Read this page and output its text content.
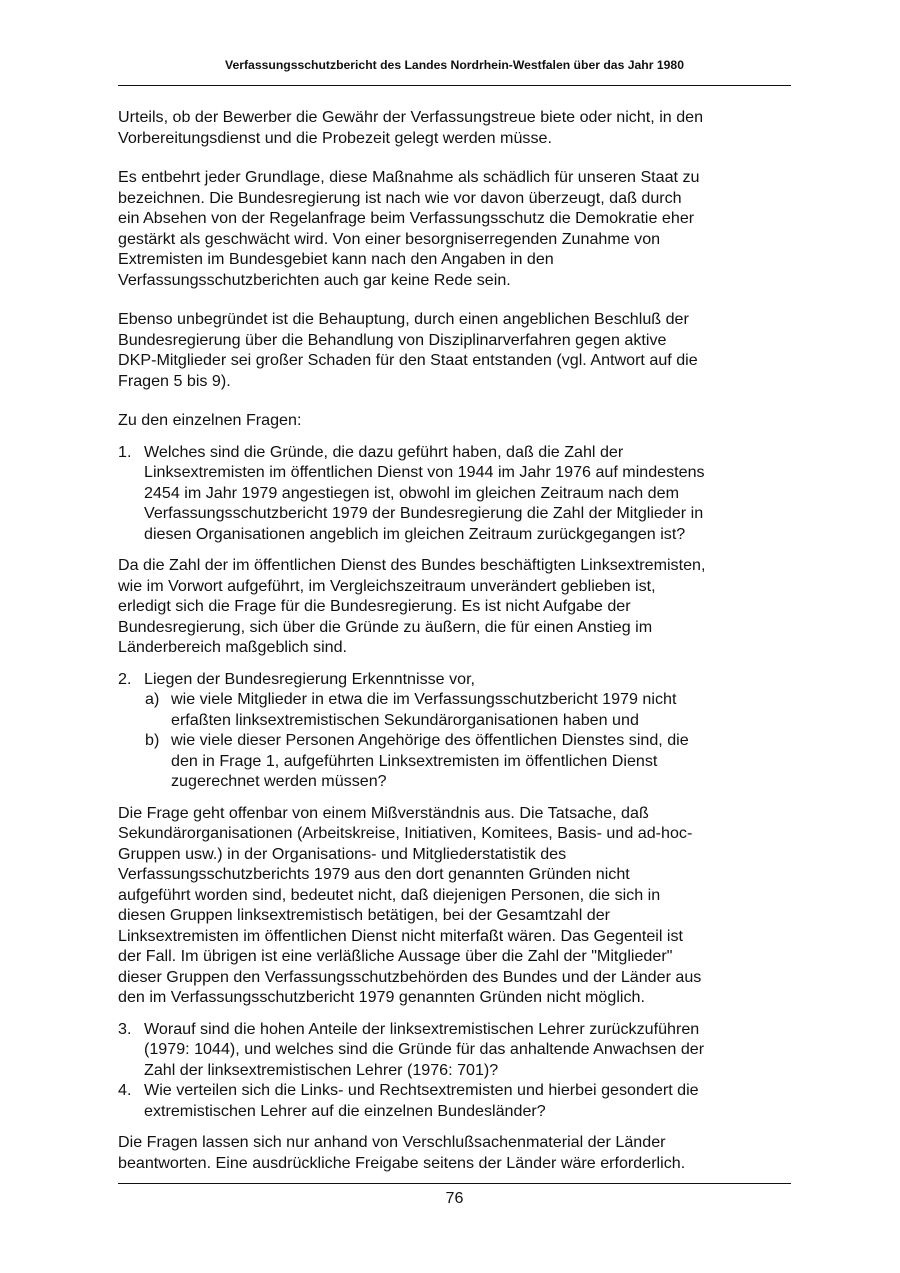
Verfassungsschutzbericht des Landes Nordrhein-Westfalen über das Jahr 1980

Urteils, ob der Bewerber die Gewähr der Verfassungstreue biete oder nicht, in den
Vorbereitungsdienst und die Probezeit gelegt werden müsse.

Es entbehrt jeder Grundlage, diese Maßnahme als schädlich für unseren Staat zu
bezeichnen. Die Bundesregierung ist nach wie vor davon überzeugt, daß durch
ein Absehen von der Regelanfrage beim Verfassungsschutz die Demokratie eher
gestärkt als geschwächt wird. Von einer besorgniserregenden Zunahme von
Extremisten im Bundesgebiet kann nach den Angaben in den
Verfassungsschutzberichten auch gar keine Rede sein.

Ebenso unbegründet ist die Behauptung, durch einen angeblichen Beschluß der
Bundesregierung über die Behandlung von Disziplinarverfahren gegen aktive
DKP-Mitglieder sei großer Schaden für den Staat entstanden (vgl. Antwort auf die
Fragen 5 bis 9).

Zu den einzelnen Fragen:

1. Welches sind die Gründe, die dazu geführt haben, daß die Zahl der
Linksextremisten im öffentlichen Dienst von 1944 im Jahr 1976 auf mindestens
2454 im Jahr 1979 angestiegen ist, obwohl im gleichen Zeitraum nach dem
Verfassungsschutzbericht 1979 der Bundesregierung die Zahl der Mitglieder in
diesen Organisationen angeblich im gleichen Zeitraum zurückgegangen ist?

Da die Zahl der im öffentlichen Dienst des Bundes beschäftigten Linksextremisten,
wie im Vorwort aufgeführt, im Vergleichszeitraum unverändert geblieben ist,
erledigt sich die Frage für die Bundesregierung. Es ist nicht Aufgabe der
Bundesregierung, sich über die Gründe zu äußern, die für einen Anstieg im
Länderbereich maßgeblich sind.

2. Liegen der Bundesregierung Erkenntnisse vor,
a) wie viele Mitglieder in etwa die im Verfassungsschutzbericht 1979 nicht
erfaßten linksextremistischen Sekundärorganisationen haben und
b) wie viele dieser Personen Angehörige des öffentlichen Dienstes sind, die
den in Frage 1, aufgeführten Linksextremisten im öffentlichen Dienst
zugerechnet werden müssen?

Die Frage geht offenbar von einem Mißverständnis aus. Die Tatsache, daß
Sekundärorganisationen (Arbeitskreise, Initiativen, Komitees, Basis- und ad-hoc-
Gruppen usw.) in der Organisations- und Mitgliederstatistik des
Verfassungsschutzberichts 1979 aus den dort genannten Gründen nicht
aufgeführt worden sind, bedeutet nicht, daß diejenigen Personen, die sich in
diesen Gruppen linksextremistisch betätigen, bei der Gesamtzahl der
Linksextremisten im öffentlichen Dienst nicht miterfaßt wären. Das Gegenteil ist
der Fall. Im übrigen ist eine verläßliche Aussage über die Zahl der "Mitglieder"
dieser Gruppen den Verfassungsschutzbehörden des Bundes und der Länder aus
den im Verfassungsschutzbericht 1979 genannten Gründen nicht möglich.

3. Worauf sind die hohen Anteile der linksextremistischen Lehrer zurückzuführen
(1979: 1044), und welches sind die Gründe für das anhaltende Anwachsen der
Zahl der linksextremistischen Lehrer (1976: 701)?
4. Wie verteilen sich die Links- und Rechtsextremisten und hierbei gesondert die
extremistischen Lehrer auf die einzelnen Bundesländer?

Die Fragen lassen sich nur anhand von Verschlußsachenmaterial der Länder
beantworten. Eine ausdrückliche Freigabe seitens der Länder wäre erforderlich.

76
